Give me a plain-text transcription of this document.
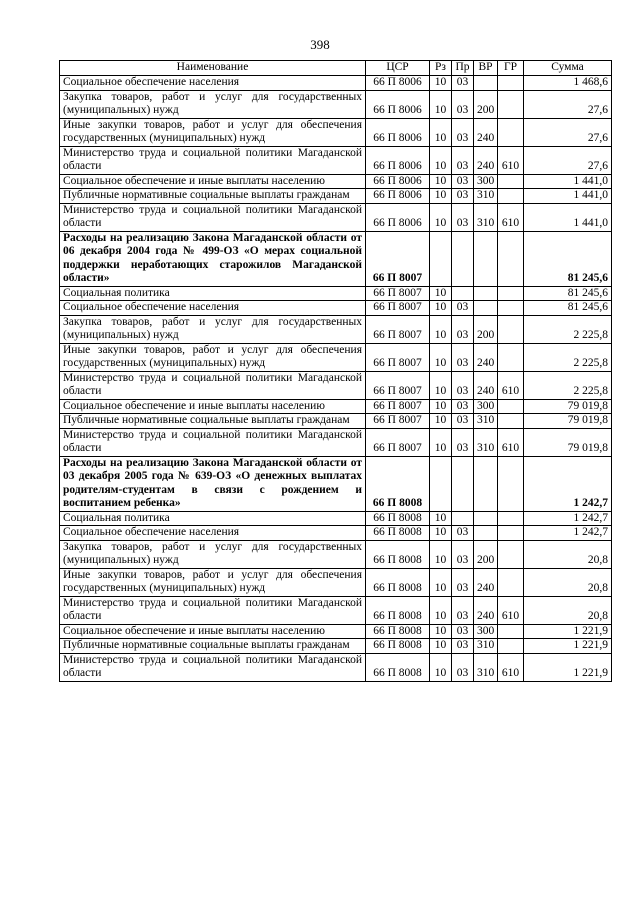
398
Наименование	ЦСР	Рз	Пр	ВР	ГР	Сумма
Социальное обеспечение населения	66 П 8006	10	03			1 468,6
Закупка товаров, работ и услуг для государственных (муниципальных) нужд	66 П 8006	10	03	200		27,6
Иные закупки товаров, работ и услуг для обеспечения государственных (муниципальных) нужд	66 П 8006	10	03	240		27,6
Министерство труда и социальной политики Магаданской области	66 П 8006	10	03	240	610	27,6
Социальное обеспечение и иные выплаты населению	66 П 8006	10	03	300		1 441,0
Публичные нормативные социальные выплаты гражданам	66 П 8006	10	03	310		1 441,0
Министерство труда и социальной политики Магаданской области	66 П 8006	10	03	310	610	1 441,0
Расходы на реализацию Закона Магаданской области от 06 декабря 2004 года № 499-ОЗ «О мерах социальной поддержки неработающих старожилов Магаданской области»	66 П 8007					81 245,6
Социальная политика	66 П 8007	10				81 245,6
Социальное обеспечение населения	66 П 8007	10	03			81 245,6
Закупка товаров, работ и услуг для государственных (муниципальных) нужд	66 П 8007	10	03	200		2 225,8
Иные закупки товаров, работ и услуг для обеспечения государственных (муниципальных) нужд	66 П 8007	10	03	240		2 225,8
Министерство труда и социальной политики Магаданской области	66 П 8007	10	03	240	610	2 225,8
Социальное обеспечение и иные выплаты населению	66 П 8007	10	03	300		79 019,8
Публичные нормативные социальные выплаты гражданам	66 П 8007	10	03	310		79 019,8
Министерство труда и социальной политики Магаданской области	66 П 8007	10	03	310	610	79 019,8
Расходы на реализацию Закона Магаданской области от 03 декабря 2005 года № 639-ОЗ «О денежных выплатах родителям-студентам в связи с рождением и воспитанием ребенка»	66 П 8008					1 242,7
Социальная политика	66 П 8008	10				1 242,7
Социальное обеспечение населения	66 П 8008	10	03			1 242,7
Закупка товаров, работ и услуг для государственных (муниципальных) нужд	66 П 8008	10	03	200		20,8
Иные закупки товаров, работ и услуг для обеспечения государственных (муниципальных) нужд	66 П 8008	10	03	240		20,8
Министерство труда и социальной политики Магаданской области	66 П 8008	10	03	240	610	20,8
Социальное обеспечение и иные выплаты населению	66 П 8008	10	03	300		1 221,9
Публичные нормативные социальные выплаты гражданам	66 П 8008	10	03	310		1 221,9
Министерство труда и социальной политики Магаданской области	66 П 8008	10	03	310	610	1 221,9
